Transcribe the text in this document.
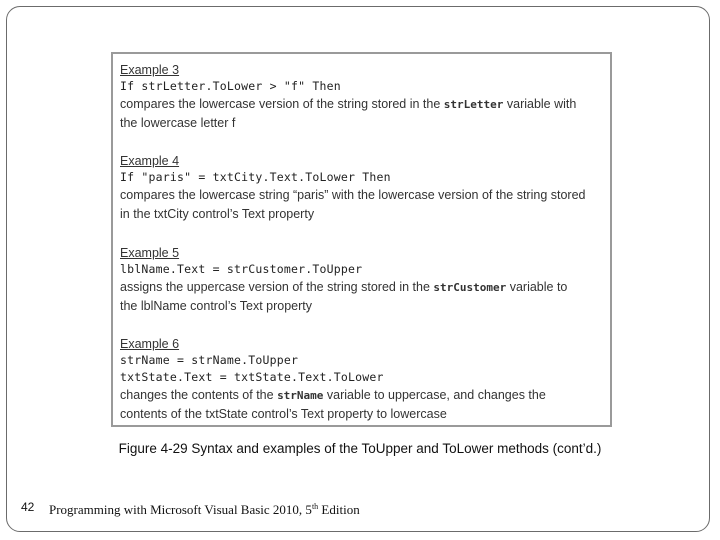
Example 3
If strLetter.ToLower > "f" Then
compares the lowercase version of the string stored in the strLetter variable with
the lowercase letter f
Example 4
If "paris" = txtCity.Text.ToLower Then
compares the lowercase string “paris” with the lowercase version of the string stored
in the txtCity control’s Text property
Example 5
lblName.Text = strCustomer.ToUpper
assigns the uppercase version of the string stored in the strCustomer variable to
the lblName control’s Text property
Example 6
strName = strName.ToUpper
txtState.Text = txtState.Text.ToLower
changes the contents of the strName variable to uppercase, and changes the
contents of the txtState control’s Text property to lowercase
Figure 4-29 Syntax and examples of the ToUpper and ToLower methods (cont’d.)
42 Programming with Microsoft Visual Basic 2010, 5th Edition
